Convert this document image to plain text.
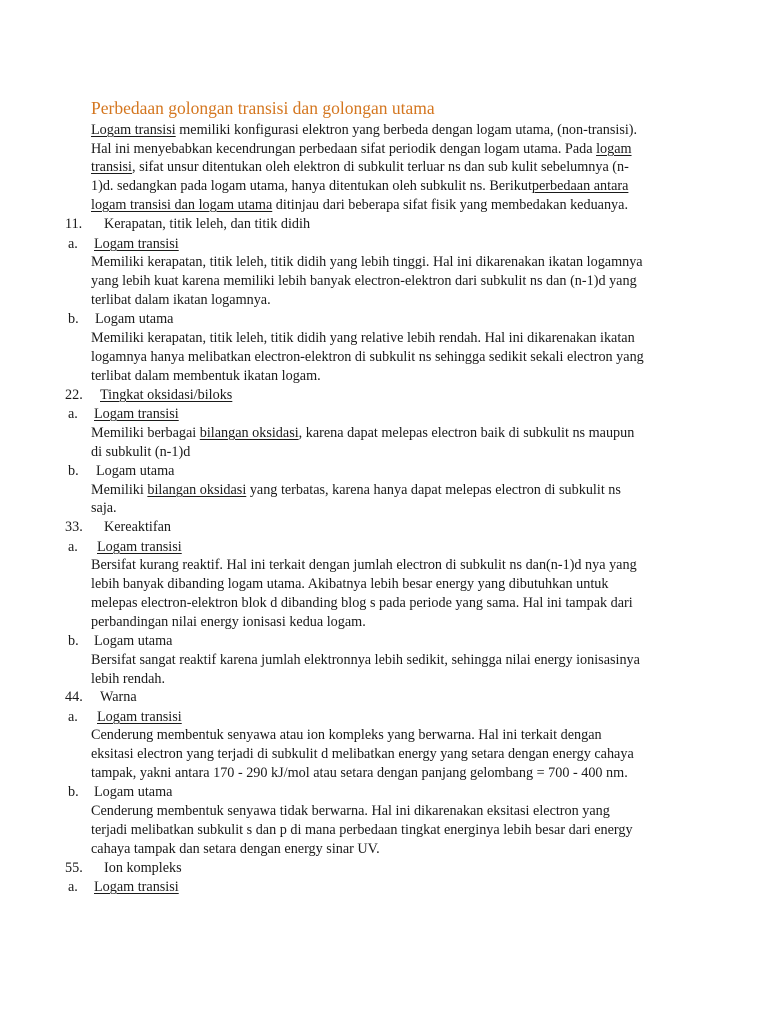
Perbedaan golongan transisi dan golongan utama
Logam transisi memiliki konfigurasi elektron yang berbeda dengan logam utama, (non-transisi).
Hal ini menyebabkan kecendrungan perbedaan sifat periodik dengan logam utama. Pada logam
transisi, sifat unsur ditentukan oleh elektron di subkulit terluar ns dan sub kulit sebelumnya (n-
1)d. sedangkan pada logam utama, hanya ditentukan oleh subkulit ns. Berikutperbedaan antara
logam transisi dan logam utama ditinjau dari beberapa sifat fisik yang membedakan keduanya.
11. Kerapatan, titik leleh, dan titik didih
a. Logam transisi
Memiliki kerapatan, titik leleh, titik didih yang lebih tinggi. Hal ini dikarenakan ikatan logamnya
yang lebih kuat karena memiliki lebih banyak electron-elektron dari subkulit ns dan (n-1)d yang
terlibat dalam ikatan logamnya.
b. Logam utama
Memiliki kerapatan, titik leleh, titik didih yang relative lebih rendah. Hal ini dikarenakan ikatan
logamnya hanya melibatkan electron-elektron di subkulit ns sehingga sedikit sekali electron yang
terlibat dalam membentuk ikatan logam.
22. Tingkat oksidasi/biloks
a. Logam transisi
Memiliki berbagai bilangan oksidasi, karena dapat melepas electron baik di subkulit ns maupun
di subkulit (n-1)d
b. Logam utama
Memiliki bilangan oksidasi yang terbatas, karena hanya dapat melepas electron di subkulit ns
saja.
33. Kereaktifan
a. Logam transisi
Bersifat kurang reaktif. Hal ini terkait dengan jumlah electron di subkulit ns dan(n-1)d nya yang
lebih banyak dibanding logam utama. Akibatnya lebih besar energy yang dibutuhkan untuk
melepas electron-elektron blok d dibanding blog s pada periode yang sama. Hal ini tampak dari
perbandingan nilai energy ionisasi kedua logam.
b. Logam utama
Bersifat sangat reaktif karena jumlah elektronnya lebih sedikit, sehingga nilai energy ionisasinya
lebih rendah.
44. Warna
a. Logam transisi
Cenderung membentuk senyawa atau ion kompleks yang berwarna. Hal ini terkait dengan
eksitasi electron yang terjadi di subkulit d melibatkan energy yang setara dengan energy cahaya
tampak, yakni antara 170 - 290 kJ/mol atau setara dengan panjang gelombang = 700 - 400 nm.
b. Logam utama
Cenderung membentuk senyawa tidak berwarna. Hal ini dikarenakan eksitasi electron yang
terjadi melibatkan subkulit s dan p di mana perbedaan tingkat energinya lebih besar dari energy
cahaya tampak dan setara dengan energy sinar UV.
55. Ion kompleks
a. Logam transisi
